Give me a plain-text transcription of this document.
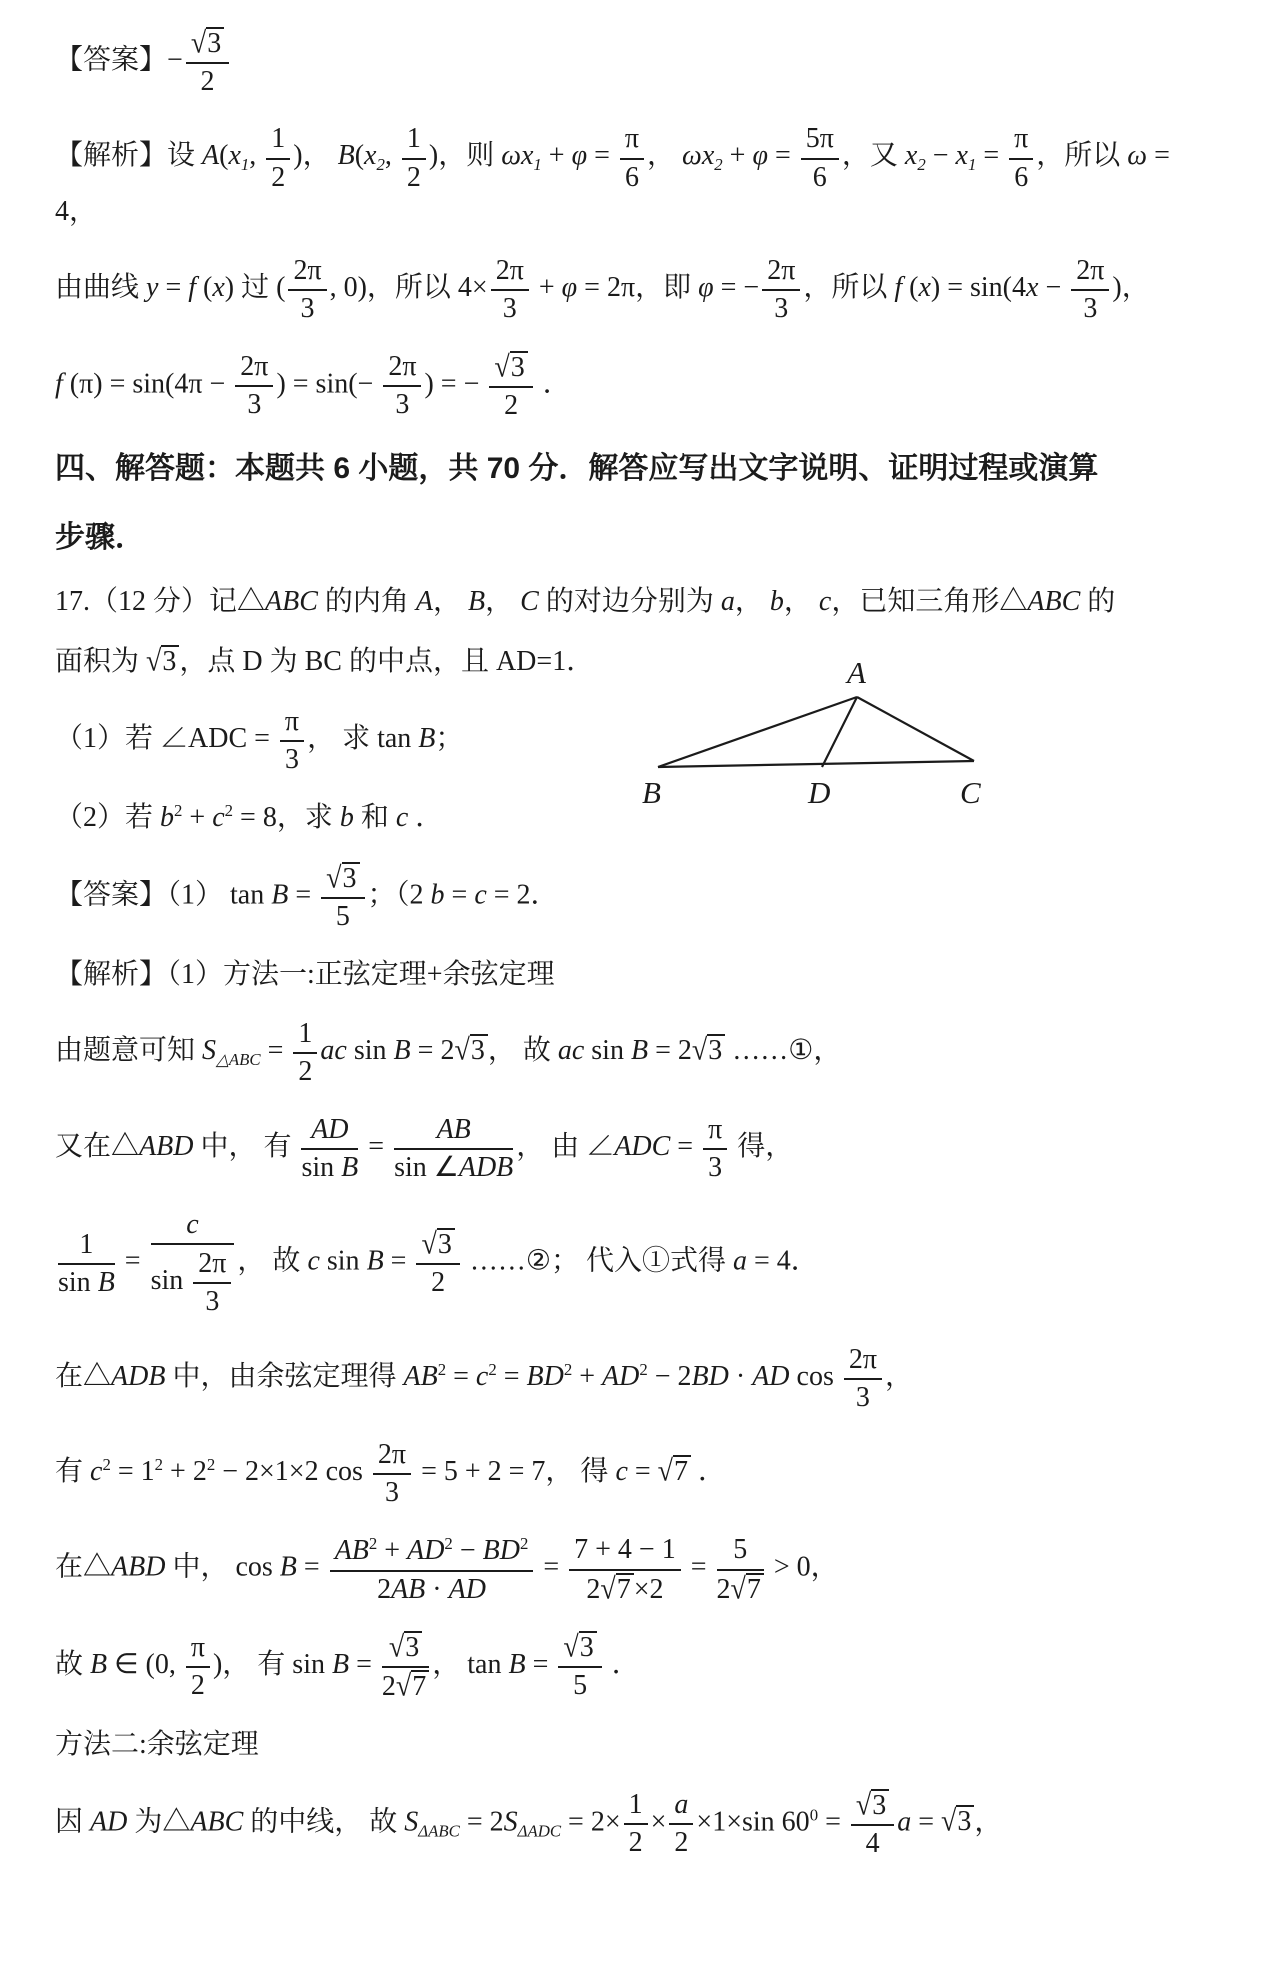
【答案】− $\frac{√3}{2}$
【解析】设 $A(x_1$, $\frac{1}{2}$ )， $B(x_2$, $\frac{1}{2}$ )，则 $\omega x_1 + \varphi = \frac{\pi}{6}$ ， $\omega x_2 + \varphi = \frac{5\pi}{6}$ ，又 $x_2 - x_1 = \frac{\pi}{6}$ ，所以 ω = 4，
由曲线 y = f (x) 过 ( $\frac{2\pi}{3}$ , 0)，所以 $4\times \frac{2\pi}{3} + \varphi = 2\pi$，即 φ = − $\frac{2\pi}{3}$ ，所以 f $(x) = \sin(4x - \frac{2\pi}{3}$ )，
f $(\pi) = \sin(4\pi - \frac{2\pi}{3}$ ) = $\sin(- \frac{2\pi}{3}$ ) = − $\frac{√3}{2}$ ．
四、解答题：本题共 6 小题，共 70 分．解答应写出文字说明、证明过程或演算
步骤．
17.（12 分）记△ABC 的内角 A， B， C 的对边分别为 a， b， c，已知三角形△ABC 的
面积为 √3 ，点 D 为 BC 的中点，且 AD=1．
（1）若 ∠ADC = $\frac{\pi}{3}$ ， 求 tan B；
（2）若 $b^2 + c^2 = 8$，求 b 和 c ．
【答案】（1） $\tan B = \frac{√3}{5}$ ；（2 b = c = 2．
【解析】（1）方法一:正弦定理+余弦定理
由题意可知 $S_{\triangle ABC} = \frac{1}{2}$ ac sin B = 2√3 ， 故 ac sin B = 2√3 ……①，
又在△ABD 中， 有 $\frac{AD}{\text{sin B}} = \frac{AB}{\text{sin ∠ADB}}$ ， 由 ∠ADC = $\frac{\pi}{3}$ 得，
$\frac{1}{\text{sin B}} = \frac{c}{\sin \frac{2\pi}{3}}$ ， 故 c $\sin B = \frac{√3}{2}$ ……②； 代入①式得 a = 4．
在△ADB 中，由余弦定理得 $AB^2 = c^2 = BD^2 + AD^2 - 2BD$ · AD $\cos \frac{2\pi}{3}$ ，
有 $c^2 = 1^2 + 2^2 - 2\times 1\times 2$ $\cos \frac{2\pi}{3} = 5 + 2 = 7$， 得 c = √7 ．
在△ABD 中， $\cos B = \frac{AB^2 + AD^2 - BD^2}{2AB \cdot AD} = \frac{7 + 4 - 1}{2√7 \times 2} = \frac{5}{2√7} > 0$，
故 B ∈ (0, $\frac{\pi}{2}$ )， 有 $\sin B = \frac{√3}{2√7}$ ， $\tan B = \frac{√3}{5}$ ．
方法二:余弦定理
因 AD 为△ABC 的中线， 故 $S_{\Delta ABC} = 2S_{\Delta ADC} = 2\times \frac{1}{2} \times \frac{a}{2} \times 1\times\sin$ $60^0 = \frac{√3}{4}$ a = √3 ，
A
B	D	C
